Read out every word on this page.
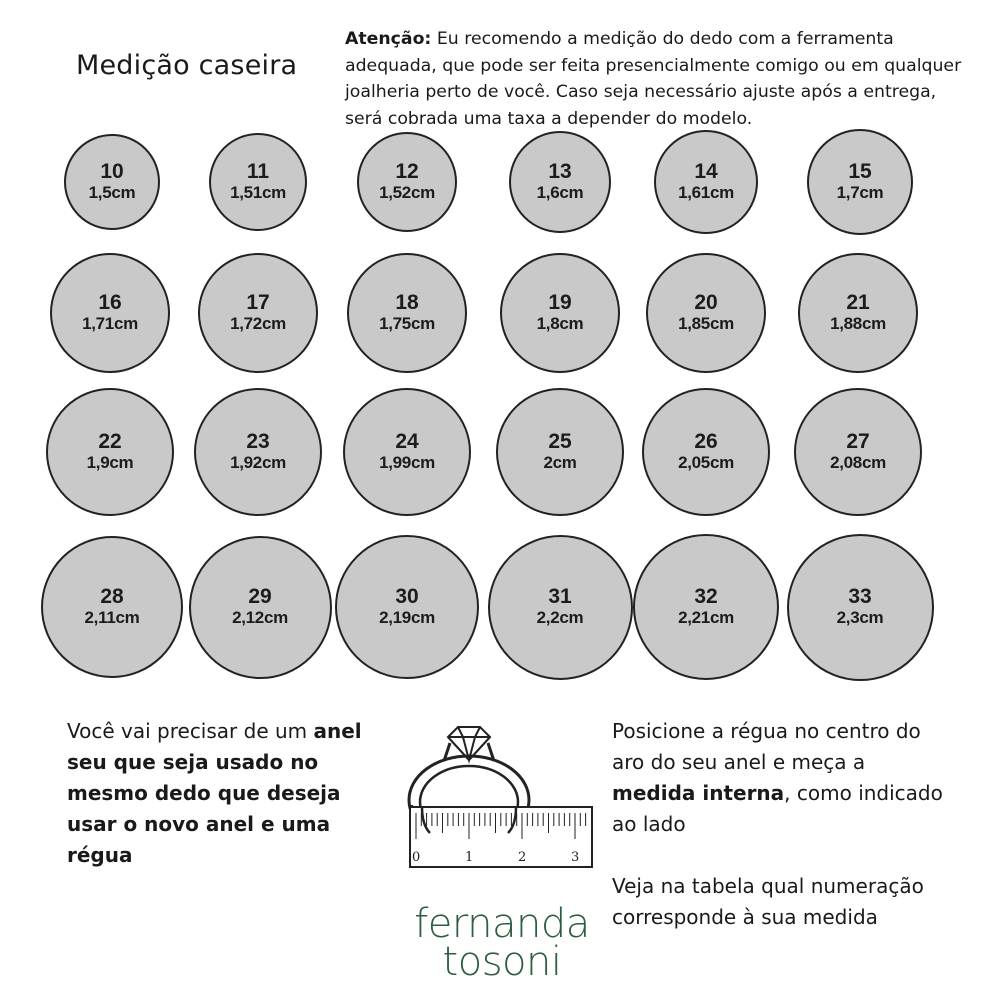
Medição caseira
Atenção: Eu recomendo a medição do dedo com a ferramenta adequada, que pode ser feita presencialmente comigo ou em qualquer joalheria perto de você. Caso seja necessário ajuste após a entrega, será cobrada uma taxa a depender do modelo.
10
1,5cm
11
1,51cm
12
1,52cm
13
1,6cm
14
1,61cm
15
1,7cm
16
1,71cm
17
1,72cm
18
1,75cm
19
1,8cm
20
1,85cm
21
1,88cm
22
1,9cm
23
1,92cm
24
1,99cm
25
2cm
26
2,05cm
27
2,08cm
28
2,11cm
29
2,12cm
30
2,19cm
31
2,2cm
32
2,21cm
33
2,3cm
Você vai precisar de um anel seu que seja usado no mesmo dedo que deseja usar o novo anel e uma régua	0	1	2	3

Posicione a régua no centro do aro do seu anel e meça a medida interna, como indicado ao lado

Veja na tabela qual numeração corresponde à sua medida

fernanda
tosoni
